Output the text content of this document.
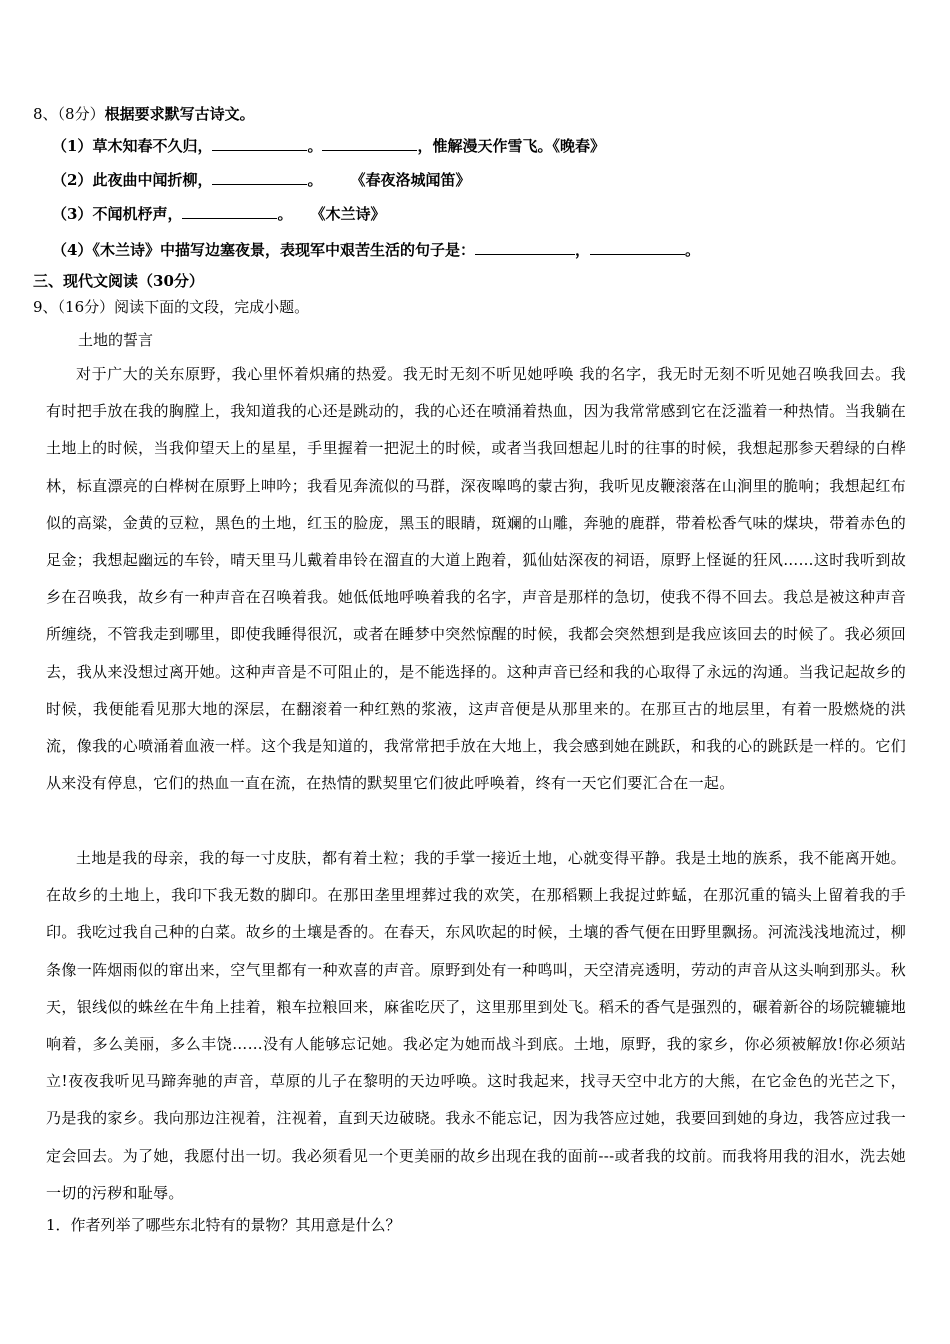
8、（8分）根据要求默写古诗文。
（1）草木知春不久归，	。	，惟解漫天作雪飞。《晚春》
（2）此夜曲中闻折柳，	。 《春夜洛城闻笛》
（3）不闻机杼声，	。 《木兰诗》
（4）《木兰诗》中描写边塞夜景，表现军中艰苦生活的句子是：	，	。
三、现代文阅读（30分）
9、（16分）阅读下面的文段，完成小题。
土地的誓言
对于广大的关东原野，我心里怀着炽痛的热爱。我无时无刻不听见她呼唤 我的名字，我无时无刻不听见她召唤我回去。我有时把手放在我的胸膛上，我知道我的心还是跳动的，我的心还在喷涌着热血，因为我常常感到它在泛滥着一种热情。当我躺在土地上的时候，当我仰望天上的星星，手里握着一把泥土的时候，或者当我回想起儿时的往事的时候，我想起那参天碧绿的白桦林，标直漂亮的白桦树在原野上呻吟；我看见奔流似的马群，深夜嗥鸣的蒙古狗，我听见皮鞭滚落在山涧里的脆响；我想起红布似的高粱，金黄的豆粒，黑色的土地，红玉的脸庞，黑玉的眼睛，斑斓的山雕，奔驰的鹿群，带着松香气味的煤块，带着赤色的足金；我想起幽远的车铃，晴天里马儿戴着串铃在溜直的大道上跑着，狐仙姑深夜的祠语，原野上怪诞的狂风……这时我听到故乡在召唤我，故乡有一种声音在召唤着我。她低低地呼唤着我的名字，声音是那样的急切，使我不得不回去。我总是被这种声音所缠绕，不管我走到哪里，即使我睡得很沉，或者在睡梦中突然惊醒的时候，我都会突然想到是我应该回去的时候了。我必须回去，我从来没想过离开她。这种声音是不可阻止的，是不能选择的。这种声音已经和我的心取得了永远的沟通。当我记起故乡的时候，我便能看见那大地的深层，在翻滚着一种红熟的浆液，这声音便是从那里来的。在那亘古的地层里，有着一股燃烧的洪流，像我的心喷涌着血液一样。这个我是知道的，我常常把手放在大地上，我会感到她在跳跃，和我的心的跳跃是一样的。它们从来没有停息，它们的热血一直在流，在热情的默契里它们彼此呼唤着，终有一天它们要汇合在一起。
土地是我的母亲，我的每一寸皮肤，都有着土粒；我的手掌一接近土地，心就变得平静。我是土地的族系，我不能离开她。在故乡的土地上，我印下我无数的脚印。在那田垄里埋葬过我的欢笑，在那稻颗上我捉过蚱蜢，在那沉重的镐头上留着我的手印。我吃过我自己种的白菜。故乡的土壤是香的。在春天，东风吹起的时候，土壤的香气便在田野里飘扬。河流浅浅地流过，柳条像一阵烟雨似的窜出来，空气里都有一种欢喜的声音。原野到处有一种鸣叫，天空清亮透明，劳动的声音从这头响到那头。秋天，银线似的蛛丝在牛角上挂着，粮车拉粮回来，麻雀吃厌了，这里那里到处飞。稻禾的香气是强烈的，碾着新谷的场院辘辘地响着，多么美丽，多么丰饶……没有人能够忘记她。我必定为她而战斗到底。土地，原野，我的家乡，你必须被解放!你必须站立!夜夜我听见马蹄奔驰的声音，草原的儿子在黎明的天边呼唤。这时我起来，找寻天空中北方的大熊，在它金色的光芒之下，乃是我的家乡。我向那边注视着，注视着，直到天边破晓。我永不能忘记，因为我答应过她，我要回到她的身边，我答应过我一定会回去。为了她，我愿付出一切。我必须看见一个更美丽的故乡出现在我的面前---或者我的坟前。而我将用我的泪水，洗去她一切的污秽和耻辱。
1．作者列举了哪些东北特有的景物？其用意是什么？
